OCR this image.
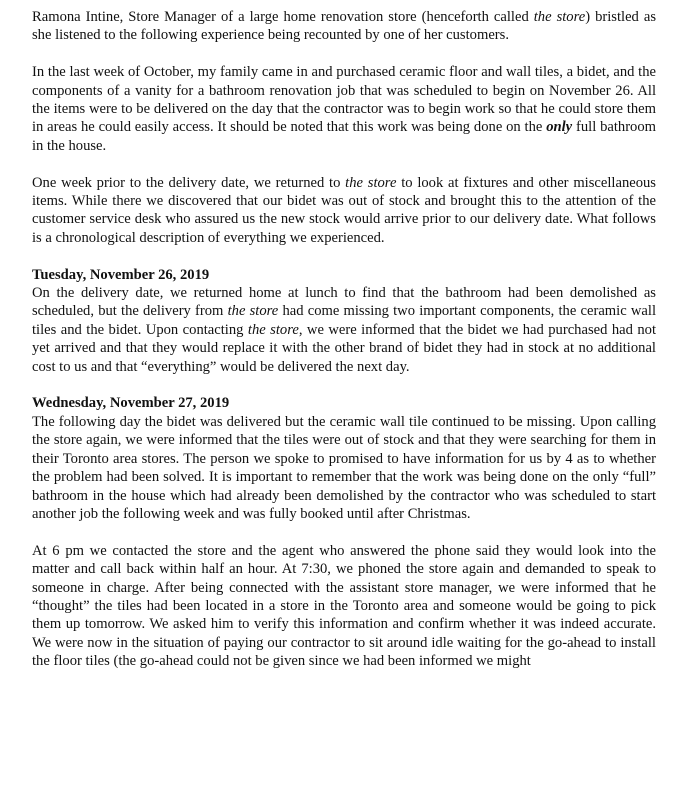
Ramona Intine, Store Manager of a large home renovation store (henceforth called the store) bristled as she listened to the following experience being recounted by one of her customers.

In the last week of October, my family came in and purchased ceramic floor and wall tiles, a bidet, and the components of a vanity for a bathroom renovation job that was scheduled to begin on November 26. All the items were to be delivered on the day that the contractor was to begin work so that he could store them in areas he could easily access. It should be noted that this work was being done on the only full bathroom in the house.

One week prior to the delivery date, we returned to the store to look at fixtures and other miscellaneous items. While there we discovered that our bidet was out of stock and brought this to the attention of the customer service desk who assured us the new stock would arrive prior to our delivery date. What follows is a chronological description of everything we experienced.

Tuesday, November 26, 2019

On the delivery date, we returned home at lunch to find that the bathroom had been demolished as scheduled, but the delivery from the store had come missing two important components, the ceramic wall tiles and the bidet. Upon contacting the store, we were informed that the bidet we had purchased had not yet arrived and that they would replace it with the other brand of bidet they had in stock at no additional cost to us and that “everything” would be delivered the next day.

Wednesday, November 27, 2019

The following day the bidet was delivered but the ceramic wall tile continued to be missing. Upon calling the store again, we were informed that the tiles were out of stock and that they were searching for them in their Toronto area stores. The person we spoke to promised to have information for us by 4 as to whether the problem had been solved. It is important to remember that the work was being done on the only “full” bathroom in the house which had already been demolished by the contractor who was scheduled to start another job the following week and was fully booked until after Christmas.

At 6 pm we contacted the store and the agent who answered the phone said they would look into the matter and call back within half an hour. At 7:30, we phoned the store again and demanded to speak to someone in charge. After being connected with the assistant store manager, we were informed that he “thought” the tiles had been located in a store in the Toronto area and someone would be going to pick them up tomorrow. We asked him to verify this information and confirm whether it was indeed accurate. We were now in the situation of paying our contractor to sit around idle waiting for the go-ahead to install the floor tiles (the go-ahead could not be given since we had been informed we might
